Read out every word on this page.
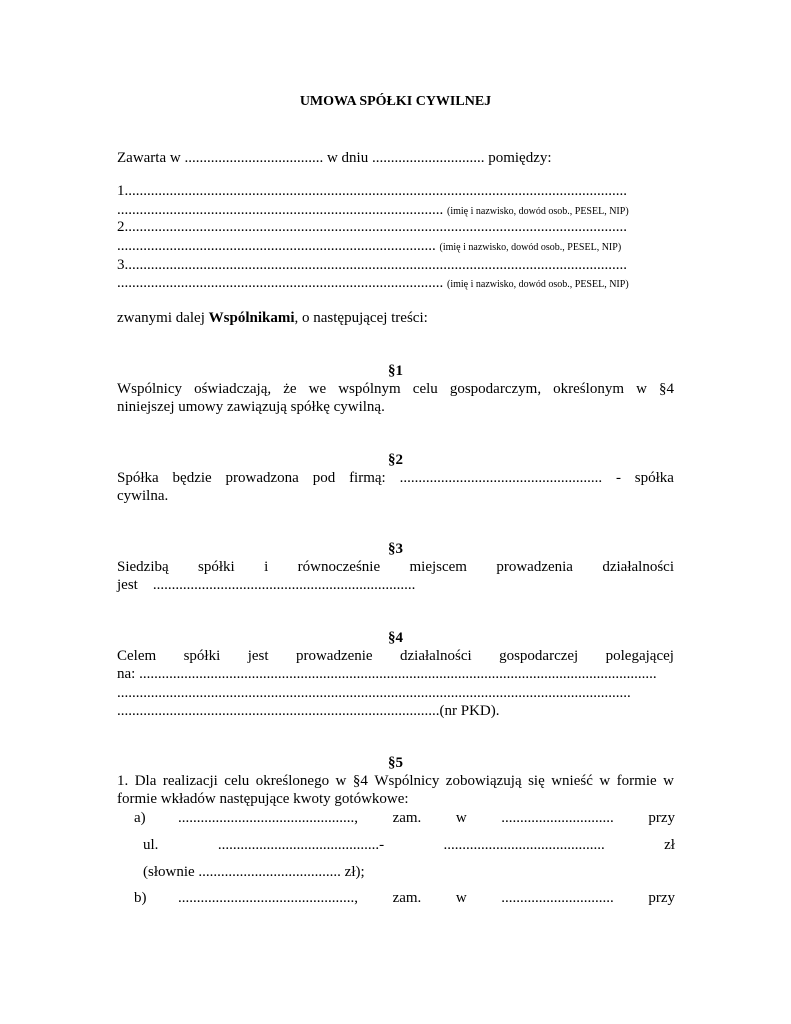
UMOWA SPÓŁKI CYWILNEJ
Zawarta w ..................................... w dniu .............................. pomiędzy:
1......................................................................................................................................
....................................................................................... (imię i nazwisko, dowód osob., PESEL, NIP)
2......................................................................................................................................
..................................................................................... (imię i nazwisko, dowód osob., PESEL, NIP)
3......................................................................................................................................
....................................................................................... (imię i nazwisko, dowód osob., PESEL, NIP)
zwanymi dalej Wspólnikami, o następującej treści:
§1
Wspólnicy oświadczają, że we wspólnym celu gospodarczym, określonym w §4
niniejszej umowy zawiązują spółkę cywilną.
§2
Spółka będzie prowadzona pod firmą: ...................................................... - spółka
cywilna.
§3
Siedzibą spółki i równocześnie miejscem prowadzenia działalności
jest    ......................................................................
§4
Celem spółki jest prowadzenie działalności gospodarczej polegającej
na: ..........................................................................................................................................
.........................................................................................................................................
......................................................................................(nr PKD).
§5
1. Dla realizacji celu określonego w §4 Wspólnicy zobowiązują się wnieść w formie w
formie wkładów następujące kwoty gotówkowe:
a) ..............................................., zam. w .............................. przy
ul.	...........................................-	...........................................	zł
(słownie ...................................... zł);
b) ..............................................., zam. w .............................. przy
